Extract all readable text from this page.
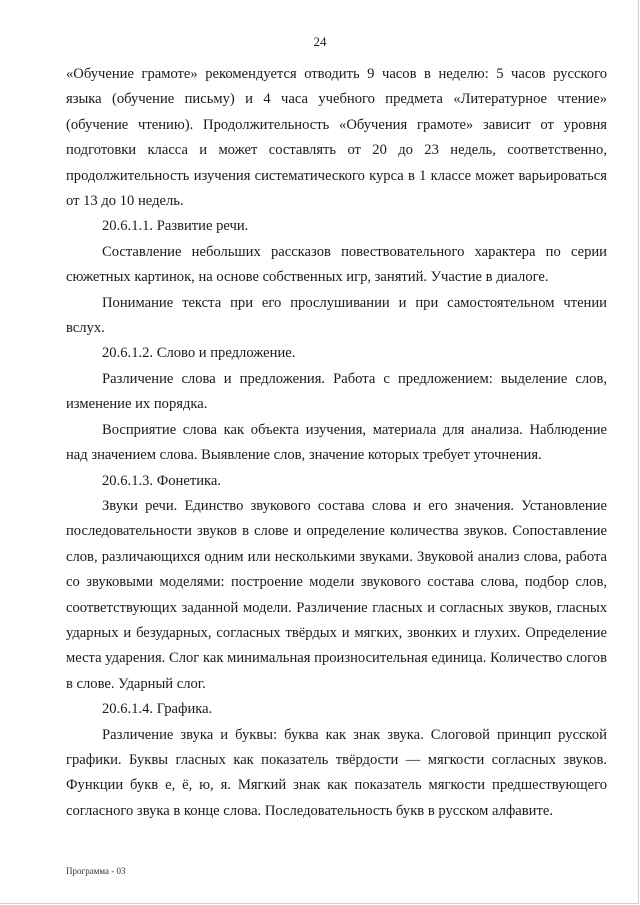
24

«Обучение грамоте» рекомендуется отводить 9 часов в неделю: 5 часов русского языка (обучение письму) и 4 часа учебного предмета «Литературное чтение» (обучение чтению). Продолжительность «Обучения грамоте» зависит от уровня подготовки класса и может составлять от 20 до 23 недель, соответственно, продолжительность изучения систематического курса в 1 классе может варьироваться от 13 до 10 недель.

20.6.1.1. Развитие речи.

Составление небольших рассказов повествовательного характера по серии сюжетных картинок, на основе собственных игр, занятий. Участие в диалоге.

Понимание текста при его прослушивании и при самостоятельном чтении вслух.

20.6.1.2. Слово и предложение.

Различение слова и предложения. Работа с предложением: выделение слов, изменение их порядка.

Восприятие слова как объекта изучения, материала для анализа. Наблюдение над значением слова. Выявление слов, значение которых требует уточнения.

20.6.1.3. Фонетика.

Звуки речи. Единство звукового состава слова и его значения. Установление последовательности звуков в слове и определение количества звуков. Сопоставление слов, различающихся одним или несколькими звуками. Звуковой анализ слова, работа со звуковыми моделями: построение модели звукового состава слова, подбор слов, соответствующих заданной модели. Различение гласных и согласных звуков, гласных ударных и безударных, согласных твёрдых и мягких, звонких и глухих. Определение места ударения. Слог как минимальная произносительная единица. Количество слогов в слове. Ударный слог.

20.6.1.4. Графика.

Различение звука и буквы: буква как знак звука. Слоговой принцип русской графики. Буквы гласных как показатель твёрдости — мягкости согласных звуков. Функции букв е, ё, ю, я. Мягкий знак как показатель мягкости предшествующего согласного звука в конце слова. Последовательность букв в русском алфавите.

Программа - 03
